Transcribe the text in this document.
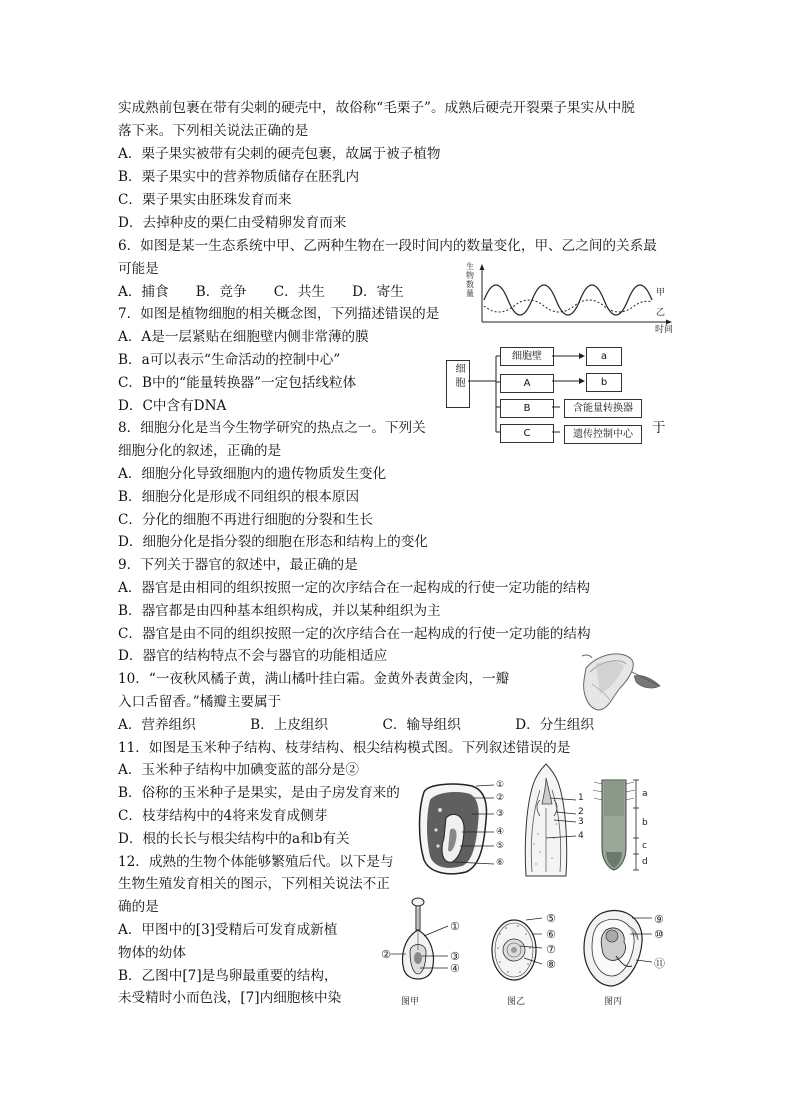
实成熟前包裹在带有尖刺的硬壳中，故俗称“毛栗子”。成熟后硬壳开裂栗子果实从中脱
落下来。下列相关说法正确的是
A．栗子果实被带有尖刺的硬壳包裹，故属于被子植物
B．栗子果实中的营养物质储存在胚乳内
C．栗子果实由胚珠发育而来
D．去掉种皮的栗仁由受精卵发育而来
6．如图是某一生态系统中甲、乙两种生物在一段时间内的数量变化，甲、乙之间的关系最
可能是
A．捕食　　B．竞争　　C．共生　　D．寄生
7．如图是植物细胞的相关概念图，下列描述错误的是
A．A是一层紧贴在细胞壁内侧非常薄的膜
B．a可以表示“生命活动的控制中心”
C．B中的“能量转换器”一定包括线粒体
D．C中含有DNA
8．细胞分化是当今生物学研究的热点之一。下列关
细胞分化的叙述，正确的是
A．细胞分化导致细胞内的遗传物质发生变化
B．细胞分化是形成不同组织的根本原因
C．分化的细胞不再进行细胞的分裂和生长
D．细胞分化是指分裂的细胞在形态和结构上的变化
9．下列关于器官的叙述中，最正确的是
A．器官是由相同的组织按照一定的次序结合在一起构成的行使一定功能的结构
B．器官都是由四种基本组织构成，并以某种组织为主
C．器官是由不同的组织按照一定的次序结合在一起构成的行使一定功能的结构
D．器官的结构特点不会与器官的功能相适应
10．“一夜秋风橘子黄，满山橘叶挂白霜。金黄外表黄金肉，一瓣
入口舌留香。”橘瓣主要属于
A．营养组织　　　　B．上皮组织　　　　C．输导组织　　　　D．分生组织
11．如图是玉米种子结构、枝芽结构、根尖结构模式图。下列叙述错误的是
A．玉米种子结构中加碘变蓝的部分是②
B．俗称的玉米种子是果实，是由子房发育来的
C．枝芽结构中的4将来发育成侧芽
D．根的长长与根尖结构中的a和b有关
12．成熟的生物个体能够繁殖后代。以下是与
生物生殖发育相关的图示，下列相关说法不正
确的是
A．甲图中的[3]受精后可发育成新植
物体的幼体
B．乙图中[7]是鸟卵最重要的结构，
未受精时小而色浅，[7]内细胞核中染
于
生
物
数
量	甲
乙
时间
细胞
细胞壁
A
B
C
a
b
含能量转换器
遗传控制中心
①
②
③
④
⑤
⑥
1
2
3
4
a
b
c
d
①
②	③
④
图甲
⑤
⑥
⑦
⑧
图乙
⑨
⑩
⑪
图丙
